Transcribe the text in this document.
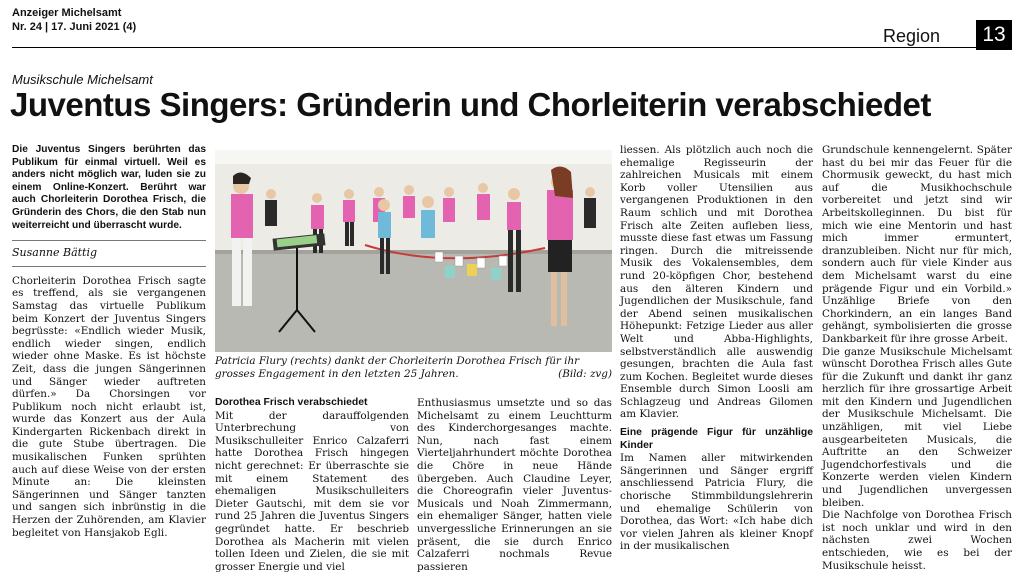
Anzeiger Michelsamt
Nr. 24 | 17. Juni 2021 (4)	Region	13
Musikschule Michelsamt
Juventus Singers: Gründerin und Chorleiterin verabschiedet

Die Juventus Singers berührten das Publikum für einmal virtuell. Weil es anders nicht möglich war, luden sie zu einem Online-Konzert. Berührt war auch Chorleiterin Dorothea Frisch, die Gründerin des Chors, die den Stab nun weiterreicht und überrascht wurde.

Susanne Bättig

Chorleiterin Dorothea Frisch sagte es treffend, als sie vergangenen Samstag das virtuelle Publikum beim Konzert der Juventus Singers begrüsste: «Endlich wieder Musik, endlich wieder singen, endlich wieder ohne Maske. Es ist höchste Zeit, dass die jungen Sängerinnen und Sänger wieder auftreten dürfen.» Da Chorsingen vor Publikum noch nicht erlaubt ist, wurde das Konzert aus der Aula Kindergarten Rickenbach direkt in die gute Stube übertragen. Die musikalischen Funken sprühten auch auf diese Weise von der ersten Minute an: Die kleinsten Sängerinnen und Sänger tanzten und sangen sich inbrünstig in die Herzen der Zuhörenden, am Klavier begleitet von Hansjakob Egli.

Patricia Flury (rechts) dankt der Chorleiterin Dorothea Frisch für ihr grosses Engagement in den letzten 25 Jahren.	(Bild: zvg)

Dorothea Frisch verabschiedet

Mit der darauffolgenden Unterbrechung von Musikschulleiter Enrico Calzaferri hatte Dorothea Frisch hingegen nicht gerechnet: Er überraschte sie mit einem Statement des ehemaligen Musikschulleiters Dieter Gautschi, mit dem sie vor rund 25 Jahren die Juventus Singers gegründet hatte. Er beschrieb Dorothea als Macherin mit vielen tollen Ideen und Zielen, die sie mit grosser Energie und viel

Enthusiasmus umsetzte und so das Michelsamt zu einem Leuchtturm des Kinderchorgesanges machte. Nun, nach fast einem Vierteljahrhundert möchte Dorothea die Chöre in neue Hände übergeben. Auch Claudine Leyer, die Choreografin vieler Juventus-Musicals und Noah Zimmermann, ein ehemaliger Sänger, hatten viele unvergessliche Erinnerungen an sie präsent, die sie durch Enrico Calzaferri nochmals Revue passieren

liessen. Als plötzlich auch noch die ehemalige Regisseurin der zahlreichen Musicals mit einem Korb voller Utensilien aus vergangenen Produktionen in den Raum schlich und mit Dorothea Frisch alte Zeiten aufleben liess, musste diese fast etwas um Fassung ringen. Durch die mitreissende Musik des Vokalensembles, dem rund 20-köpfigen Chor, bestehend aus den älteren Kindern und Jugendlichen der Musikschule, fand der Abend seinen musikalischen Höhepunkt: Fetzige Lieder aus aller Welt und Abba-Highlights, selbstverständlich alle auswendig gesungen, brachten die Aula fast zum Kochen. Begleitet wurde dieses Ensemble durch Simon Loosli am Schlagzeug und Andreas Gilomen am Klavier.

Eine prägende Figur für unzählige Kinder

Im Namen aller mitwirkenden Sängerinnen und Sänger ergriff anschliessend Patricia Flury, die chorische Stimmbildungslehrerin und ehemalige Schülerin von Dorothea, das Wort: «Ich habe dich vor vielen Jahren als kleiner Knopf in der musikalischen

Grundschule kennengelernt. Später hast du bei mir das Feuer für die Chormusik geweckt, du hast mich auf die Musikhochschule vorbereitet und jetzt sind wir Arbeitskolleginnen. Du bist für mich wie eine Mentorin und hast mich immer ermuntert, dranzubleiben. Nicht nur für mich, sondern auch für viele Kinder aus dem Michelsamt warst du eine prägende Figur und ein Vorbild.» Unzählige Briefe von den Chorkindern, an ein langes Band gehängt, symbolisierten die grosse Dankbarkeit für ihre grosse Arbeit.

Die ganze Musikschule Michelsamt wünscht Dorothea Frisch alles Gute für die Zukunft und dankt ihr ganz herzlich für ihre grossartige Arbeit mit den Kindern und Jugendlichen der Musikschule Michelsamt. Die unzähligen, mit viel Liebe ausgearbeiteten Musicals, die Auftritte an den Schweizer Jugendchorfestivals und die Konzerte werden vielen Kindern und Jugendlichen unvergessen bleiben.

Die Nachfolge von Dorothea Frisch ist noch unklar und wird in den nächsten zwei Wochen entschieden, wie es bei der Musikschule heisst.
